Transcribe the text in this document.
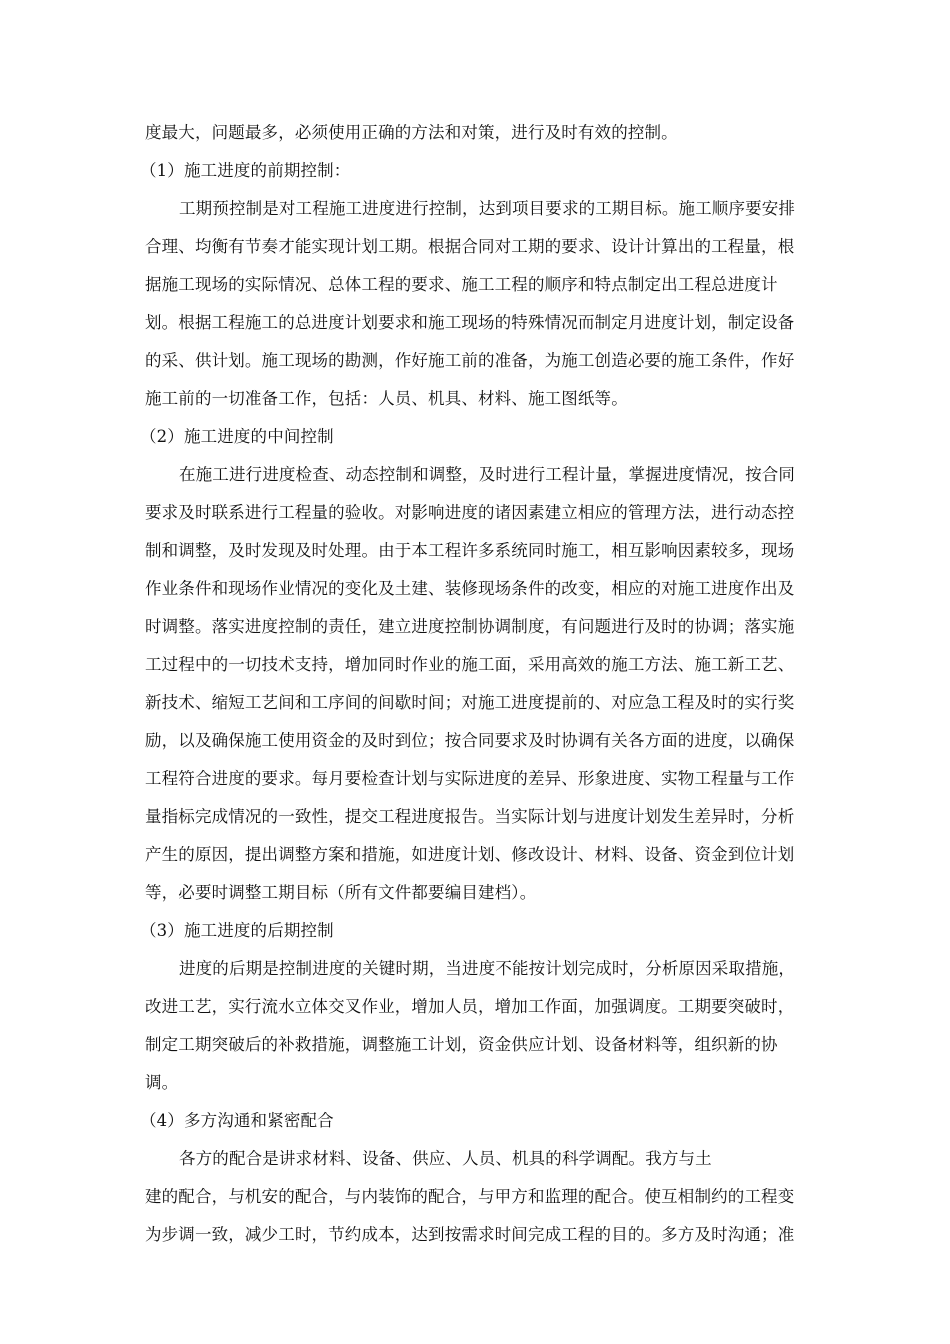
度最大，问题最多，必须使用正确的方法和对策，进行及时有效的控制。
（1）施工进度的前期控制：
工期预控制是对工程施工进度进行控制，达到项目要求的工期目标。施工顺序要安排
合理、均衡有节奏才能实现计划工期。根据合同对工期的要求、设计计算出的工程量，根
据施工现场的实际情况、总体工程的要求、施工工程的顺序和特点制定出工程总进度计
划。根据工程施工的总进度计划要求和施工现场的特殊情况而制定月进度计划，制定设备
的采、供计划。施工现场的勘测，作好施工前的准备，为施工创造必要的施工条件，作好
施工前的一切准备工作，包括：人员、机具、材料、施工图纸等。
（2）施工进度的中间控制
在施工进行进度检查、动态控制和调整，及时进行工程计量，掌握进度情况，按合同
要求及时联系进行工程量的验收。对影响进度的诸因素建立相应的管理方法，进行动态控
制和调整，及时发现及时处理。由于本工程许多系统同时施工，相互影响因素较多，现场
作业条件和现场作业情况的变化及土建、装修现场条件的改变，相应的对施工进度作出及
时调整。落实进度控制的责任，建立进度控制协调制度，有问题进行及时的协调；落实施
工过程中的一切技术支持，增加同时作业的施工面，采用高效的施工方法、施工新工艺、
新技术、缩短工艺间和工序间的间歇时间；对施工进度提前的、对应急工程及时的实行奖
励，以及确保施工使用资金的及时到位；按合同要求及时协调有关各方面的进度，以确保
工程符合进度的要求。每月要检查计划与实际进度的差异、形象进度、实物工程量与工作
量指标完成情况的一致性，提交工程进度报告。当实际计划与进度计划发生差异时，分析
产生的原因，提出调整方案和措施，如进度计划、修改设计、材料、设备、资金到位计划
等，必要时调整工期目标（所有文件都要编目建档）。
（3）施工进度的后期控制
进度的后期是控制进度的关键时期，当进度不能按计划完成时，分析原因采取措施，
改进工艺，实行流水立体交叉作业，增加人员，增加工作面，加强调度。工期要突破时，
制定工期突破后的补救措施，调整施工计划，资金供应计划、设备材料等，组织新的协
调。
（4）多方沟通和紧密配合
各方的配合是讲求材料、设备、供应、人员、机具的科学调配。我方与土
建的配合，与机安的配合，与内装饰的配合，与甲方和监理的配合。使互相制约的工程变
为步调一致，减少工时，节约成本，达到按需求时间完成工程的目的。多方及时沟通；准
